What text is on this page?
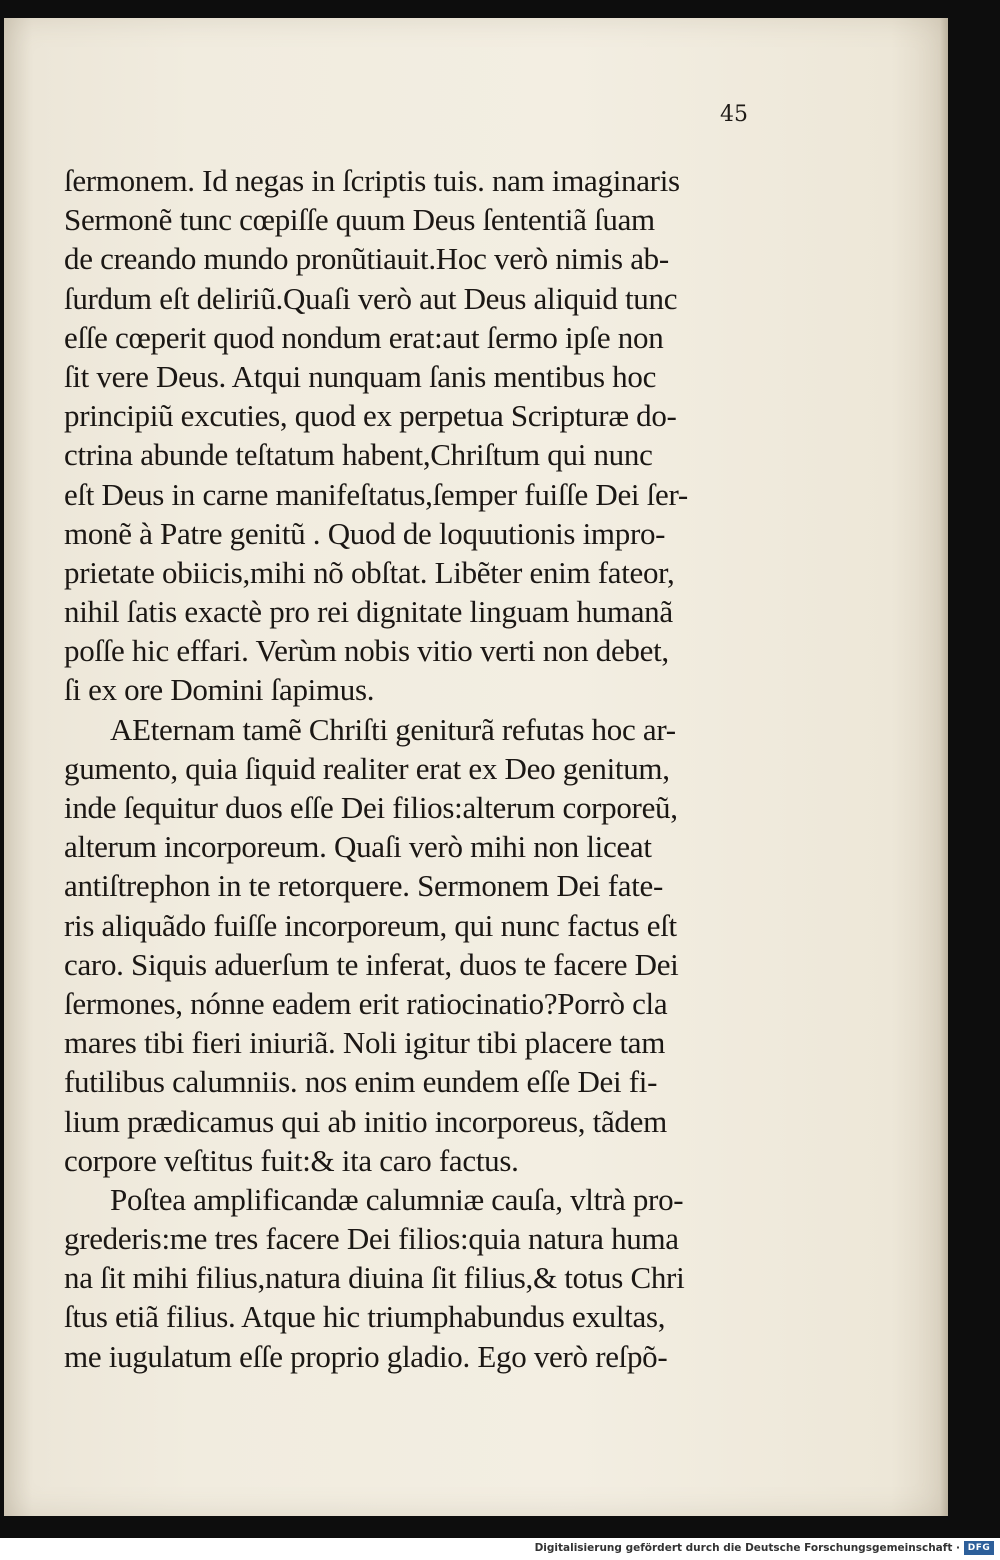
45
ſermonem. Id negas in ſcriptis tuis. nam imaginaris
Sermonẽ tunc cœpiſſe quum Deus ſententiã ſuam
de creando mundo pronũtiauit.Hoc verò nimis ab-
ſurdum eſt deliriũ.Quaſi verò aut Deus aliquid tunc
eſſe cœperit quod nondum erat:aut ſermo ipſe non
ſit vere Deus. Atqui nunquam ſanis mentibus hoc
principiũ excuties, quod ex perpetua Scripturæ do-
ctrina abunde teſtatum habent,Chriſtum qui nunc
eſt Deus in carne manifeſtatus,ſemper fuiſſe Dei ſer-
monẽ à Patre genitũ . Quod de loquutionis impro-
prietate obiicis,mihi nõ obſtat. Libẽter enim fateor,
nihil ſatis exactè pro rei dignitate linguam humanã
poſſe hic effari. Verùm nobis vitio verti non debet,
ſi ex ore Domini ſapimus.
AEternam tamẽ Chriſti geniturã refutas hoc ar-
gumento, quia ſiquid realiter erat ex Deo genitum,
inde ſequitur duos eſſe Dei filios:alterum corporeũ,
alterum incorporeum. Quaſi verò mihi non liceat
antiſtrephon in te retorquere. Sermonem Dei fate-
ris aliquãdo fuiſſe incorporeum, qui nunc factus eſt
caro. Siquis aduerſum te inferat, duos te facere Dei
ſermones, nónne eadem erit ratiocinatio?Porrò cla
mares tibi fieri iniuriã. Noli igitur tibi placere tam
futilibus calumniis. nos enim eundem eſſe Dei fi-
lium prædicamus qui ab initio incorporeus, tãdem
corpore veſtitus fuit:& ita caro factus.
Poſtea amplificandæ calumniæ cauſa, vltrà pro-
grederis:me tres facere Dei filios:quia natura huma
na ſit mihi filius,natura diuina ſit filius,& totus Chri
ſtus etiã filius. Atque hic triumphabundus exultas,
me iugulatum eſſe proprio gladio. Ego verò reſpõ-
Digitalisierung gefördert durch die Deutsche Forschungsgemeinschaft · DFG
